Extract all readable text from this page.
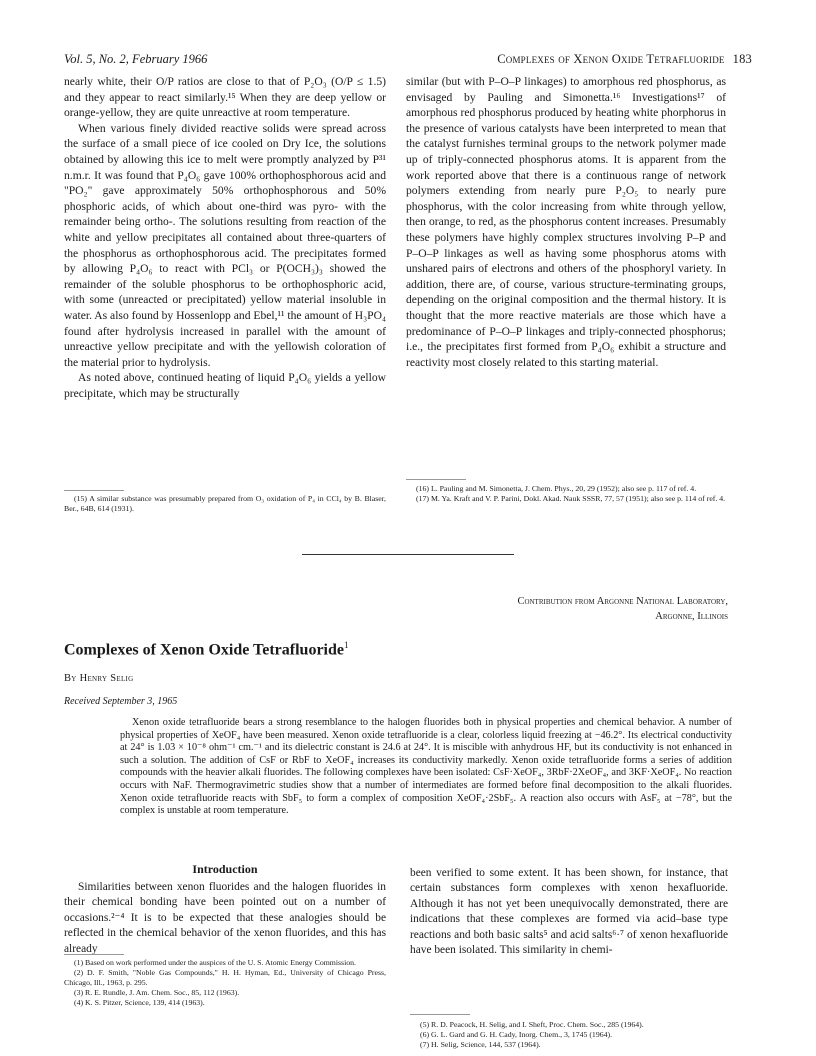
Vol. 5, No. 2, February 1966	Complexes of Xenon Oxide Tetrafluoride 183

nearly white, their O/P ratios are close to that of P₂O₃ (O/P ≤ 1.5) and they appear to react similarly.¹⁵ When they are deep yellow or orange-yellow, they are quite unreactive at room temperature.

When various finely divided reactive solids were spread across the surface of a small piece of ice cooled on Dry Ice, the solutions obtained by allowing this ice to melt were promptly analyzed by P³¹ n.m.r. It was found that P₄O₆ gave 100% orthophosphorous acid and "PO₂" gave approximately 50% orthophosphorous and 50% phosphoric acids, of which about one-third was pyro- with the remainder being ortho-. The solutions resulting from reaction of the white and yellow precipitates all contained about three-quarters of the phosphorus as orthophosphorous acid. The precipitates formed by allowing P₄O₆ to react with PCl₃ or P(OCH₃)₃ showed the remainder of the soluble phosphorus to be orthophosphoric acid, with some (unreacted or precipitated) yellow material insoluble in water. As also found by Hossenlopp and Ebel,¹¹ the amount of H₃PO₄ found after hydrolysis increased in parallel with the amount of unreactive yellow precipitate and with the yellowish coloration of the material prior to hydrolysis.

As noted above, continued heating of liquid P₄O₆ yields a yellow precipitate, which may be structurally

(15) A similar substance was presumably prepared from O₃ oxidation of P₄ in CCl₄ by B. Blaser, Ber., 64B, 614 (1931).

similar (but with P–O–P linkages) to amorphous red phosphorus, as envisaged by Pauling and Simonetta.¹⁶ Investigations¹⁷ of amorphous red phosphorus produced by heating white phorphorus in the presence of various catalysts have been interpreted to mean that the catalyst furnishes terminal groups to the network polymer made up of triply-connected phosphorus atoms. It is apparent from the work reported above that there is a continuous range of network polymers extending from nearly pure P₂O₅ to nearly pure phosphorus, with the color increasing from white through yellow, then orange, to red, as the phosphorus content increases. Presumably these polymers have highly complex structures involving P–P and P–O–P linkages as well as having some phosphorus atoms with unshared pairs of electrons and others of the phosphoryl variety. In addition, there are, of course, various structure-terminating groups, depending on the original composition and the thermal history. It is thought that the more reactive materials are those which have a predominance of P–O–P linkages and triply-connected phosphorus; i.e., the precipitates first formed from P₄O₆ exhibit a structure and reactivity most closely related to this starting material.

(16) L. Pauling and M. Simonetta, J. Chem. Phys., 20, 29 (1952); also see p. 117 of ref. 4.

(17) M. Ya. Kraft and V. P. Parini, Dokl. Akad. Nauk SSSR, 77, 57 (1951); also see p. 114 of ref. 4.

Contribution from Argonne National Laboratory,
Argonne, Illinois
Complexes of Xenon Oxide Tetrafluoride$^1$
By Henry Selig
Received September 3, 1965

Xenon oxide tetrafluoride bears a strong resemblance to the halogen fluorides both in physical properties and chemical behavior. A number of physical properties of XeOF₄ have been measured. Xenon oxide tetrafluoride is a clear, colorless liquid freezing at −46.2°. Its electrical conductivity at 24° is 1.03 × 10⁻⁸ ohm⁻¹ cm.⁻¹ and its dielectric constant is 24.6 at 24°. It is miscible with anhydrous HF, but its conductivity is not enhanced in such a solution. The addition of CsF or RbF to XeOF₄ increases its conductivity markedly. Xenon oxide tetrafluoride forms a series of addition compounds with the heavier alkali fluorides. The following complexes have been isolated: CsF·XeOF₄, 3RbF·2XeOF₄, and 3KF·XeOF₄. No reaction occurs with NaF. Thermogravimetric studies show that a number of intermediates are formed before final decomposition to the alkali fluorides. Xenon oxide tetrafluoride reacts with SbF₅ to form a complex of composition XeOF₄·2SbF₅. A reaction also occurs with AsF₅ at −78°, but the complex is unstable at room temperature.

Introduction

Similarities between xenon fluorides and the halogen fluorides in their chemical bonding have been pointed out on a number of occasions.²⁻⁴ It is to be expected that these analogies should be reflected in the chemical behavior of the xenon fluorides, and this has already

(1) Based on work performed under the auspices of the U. S. Atomic Energy Commission.

(2) D. F. Smith, "Noble Gas Compounds," H. H. Hyman, Ed., University of Chicago Press, Chicago, Ill., 1963, p. 295.

(3) R. E. Rundle, J. Am. Chem. Soc., 85, 112 (1963).

(4) K. S. Pitzer, Science, 139, 414 (1963).

been verified to some extent. It has been shown, for instance, that certain substances form complexes with xenon hexafluoride. Although it has not yet been unequivocally demonstrated, there are indications that these complexes are formed via acid–base type reactions and both basic salts⁵ and acid salts⁶·⁷ of xenon hexafluoride have been isolated. This similarity in chemi-

(5) R. D. Peacock, H. Selig, and I. Sheft, Proc. Chem. Soc., 285 (1964).

(6) G. L. Gard and G. H. Cady, Inorg. Chem., 3, 1745 (1964).

(7) H. Selig, Science, 144, 537 (1964).
